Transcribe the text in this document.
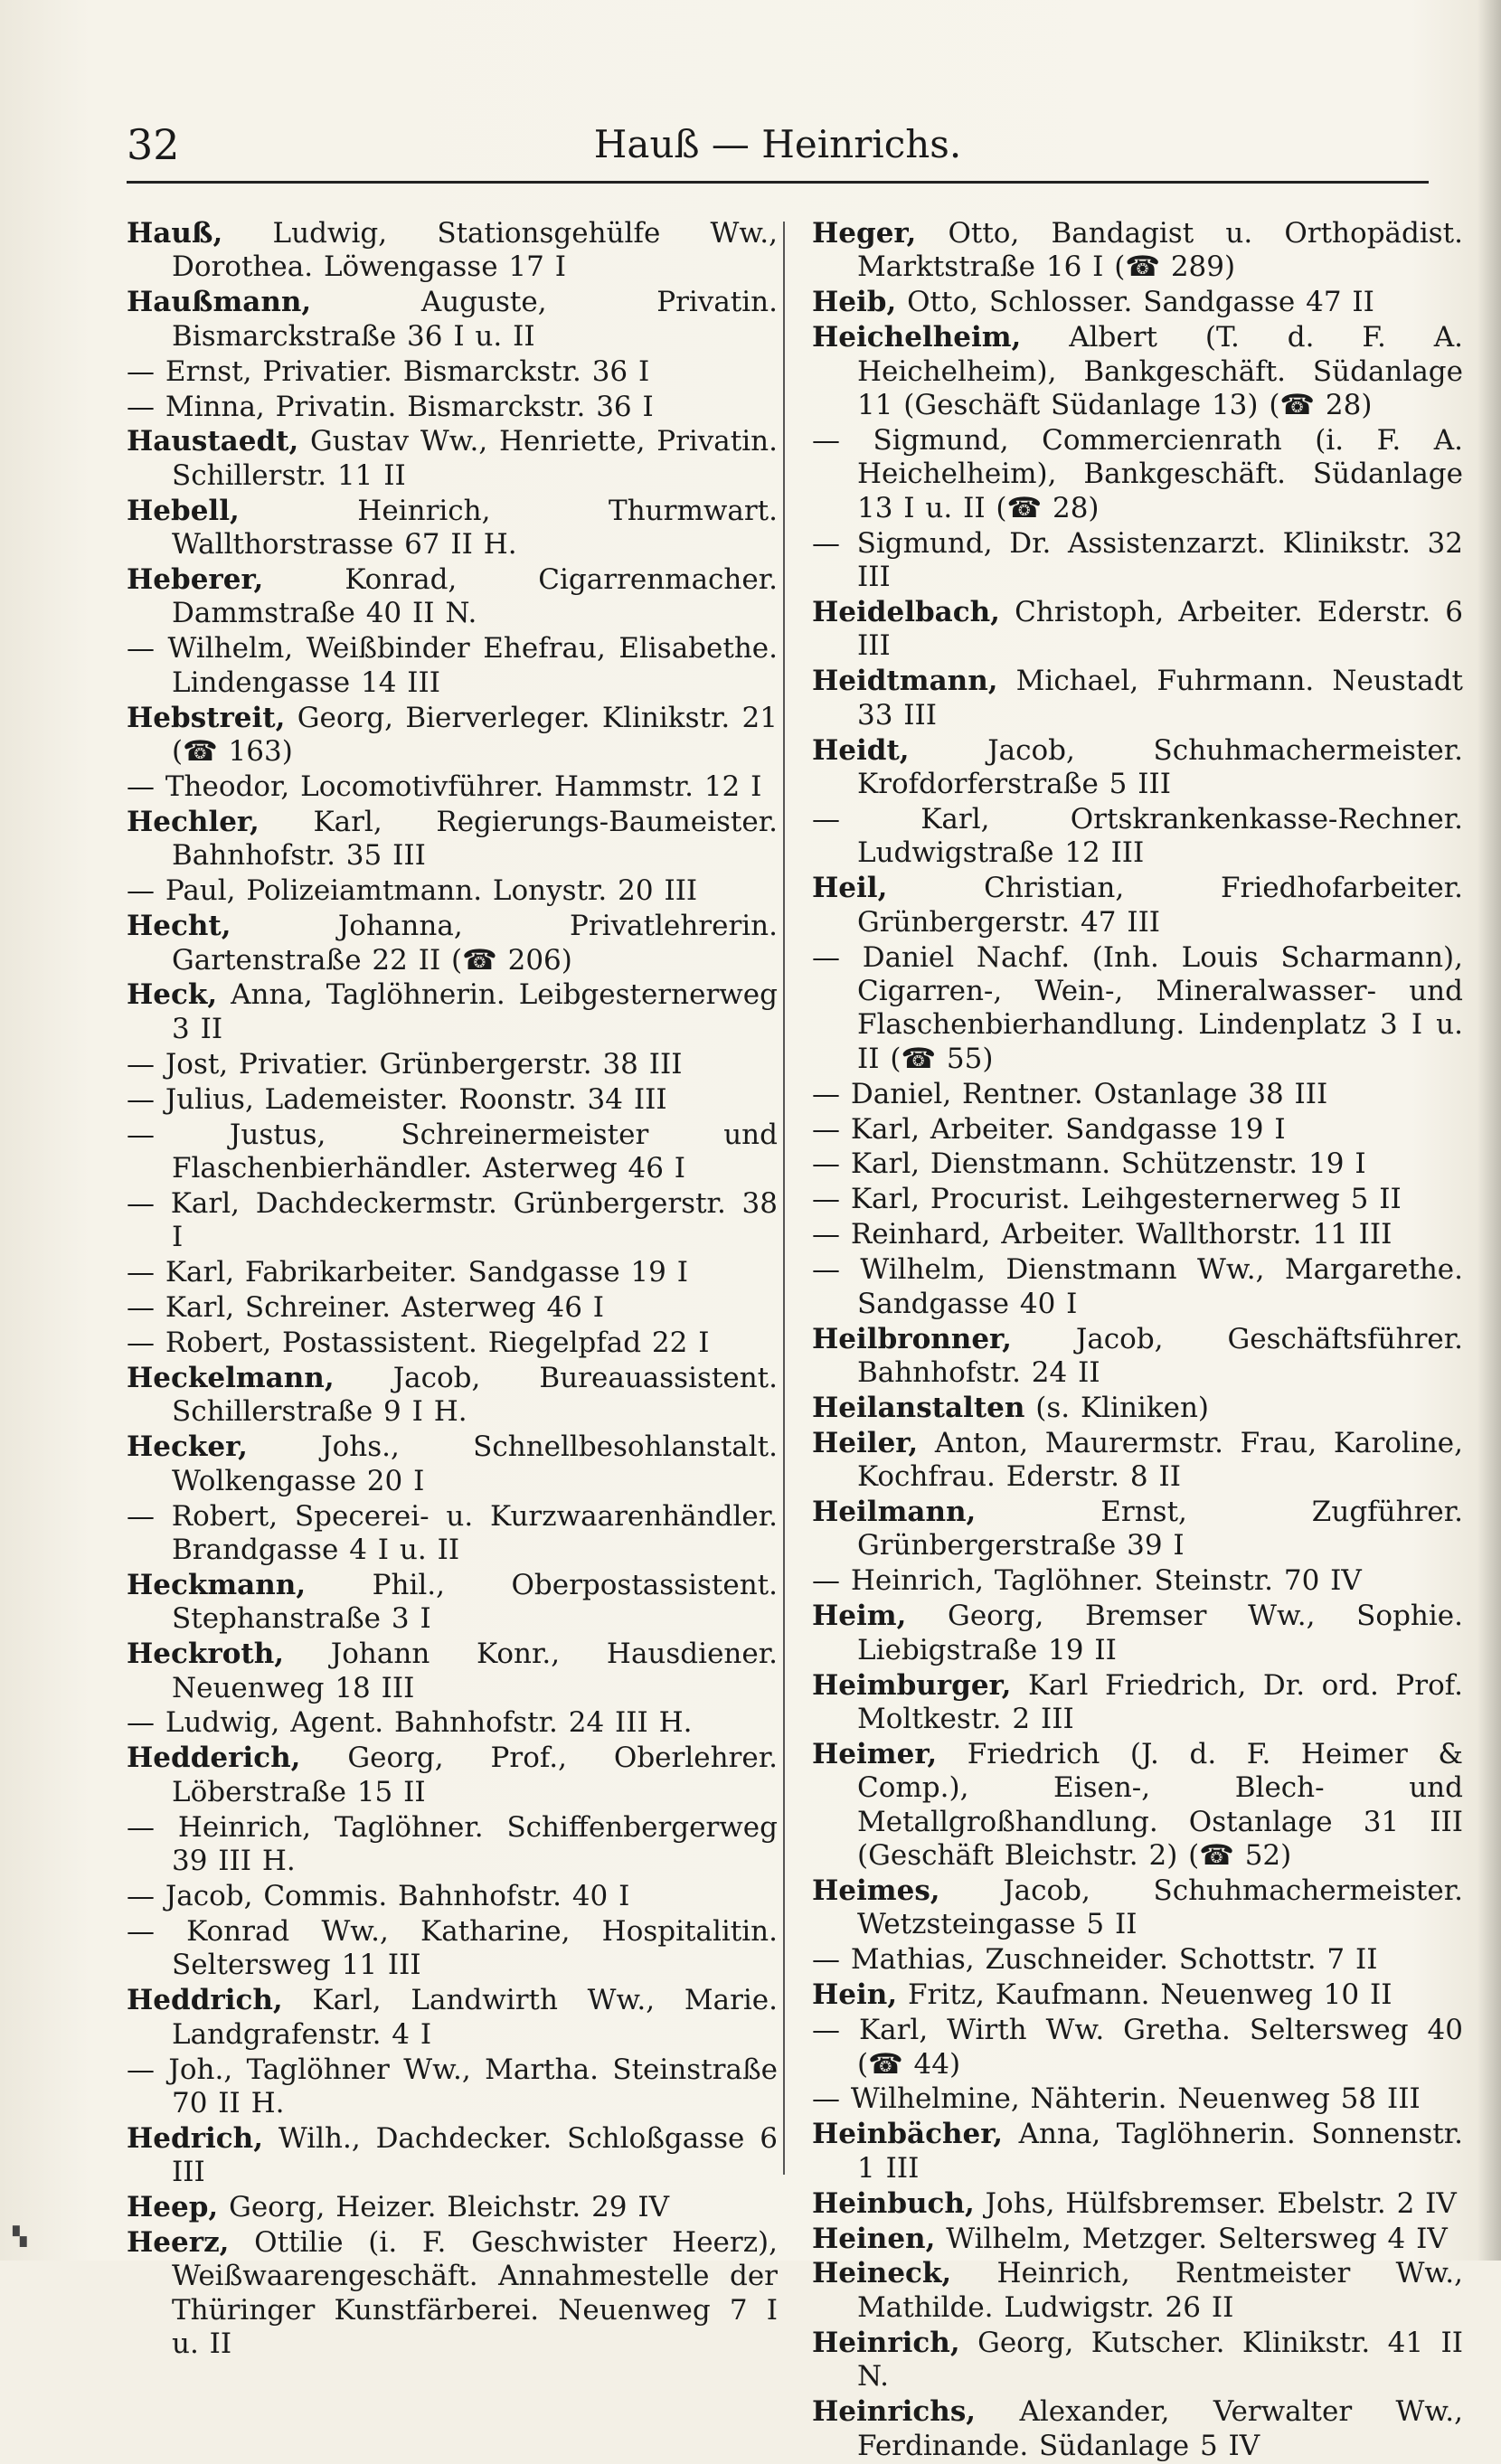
32	Hauß — Heinrichs.

Hauß, Ludwig, Stationsgehülfe Ww., Dorothea. Löwengasse 17 I

Haußmann, Auguste, Privatin. Bismarckstraße 36 I u. II

— Ernst, Privatier. Bismarckstr. 36 I

— Minna, Privatin. Bismarckstr. 36 I

Haustaedt, Gustav Ww., Henriette, Privatin. Schillerstr. 11 II

Hebell, Heinrich, Thurmwart. Wallthorstrasse 67 II H.

Heberer, Konrad, Cigarrenmacher. Dammstraße 40 II N.

— Wilhelm, Weißbinder Ehefrau, Elisabethe. Lindengasse 14 III

Hebstreit, Georg, Bierverleger. Klinikstr. 21 (☎ 163)

— Theodor, Locomotivführer. Hammstr. 12 I

Hechler, Karl, Regierungs-Baumeister. Bahnhofstr. 35 III

— Paul, Polizeiamtmann. Lonystr. 20 III

Hecht, Johanna, Privatlehrerin. Gartenstraße 22 II (☎ 206)

Heck, Anna, Taglöhnerin. Leibgesternerweg 3 II

— Jost, Privatier. Grünbergerstr. 38 III

— Julius, Lademeister. Roonstr. 34 III

— Justus, Schreinermeister und Flaschenbierhändler. Asterweg 46 I

— Karl, Dachdeckermstr. Grünbergerstr. 38 I

— Karl, Fabrikarbeiter. Sandgasse 19 I

— Karl, Schreiner. Asterweg 46 I

— Robert, Postassistent. Riegelpfad 22 I

Heckelmann, Jacob, Bureauassistent. Schillerstraße 9 I H.

Hecker, Johs., Schnellbesohlanstalt. Wolkengasse 20 I

— Robert, Specerei- u. Kurzwaarenhändler. Brandgasse 4 I u. II

Heckmann, Phil., Oberpostassistent. Stephanstraße 3 I

Heckroth, Johann Konr., Hausdiener. Neuenweg 18 III

— Ludwig, Agent. Bahnhofstr. 24 III H.

Hedderich, Georg, Prof., Oberlehrer. Löberstraße 15 II

— Heinrich, Taglöhner. Schiffenbergerweg 39 III H.

— Jacob, Commis. Bahnhofstr. 40 I

— Konrad Ww., Katharine, Hospitalitin. Seltersweg 11 III

Heddrich, Karl, Landwirth Ww., Marie. Landgrafenstr. 4 I

— Joh., Taglöhner Ww., Martha. Steinstraße 70 II H.

Hedrich, Wilh., Dachdecker. Schloßgasse 6 III

Heep, Georg, Heizer. Bleichstr. 29 IV

Heerz, Ottilie (i. F. Geschwister Heerz), Weißwaarengeschäft. Annahmestelle der Thüringer Kunstfärberei. Neuenweg 7 I u. II

Heger, Otto, Bandagist u. Orthopädist. Marktstraße 16 I (☎ 289)

Heib, Otto, Schlosser. Sandgasse 47 II

Heichelheim, Albert (T. d. F. A. Heichelheim), Bankgeschäft. Südanlage 11 (Geschäft Südanlage 13) (☎ 28)

— Sigmund, Commercienrath (i. F. A. Heichelheim), Bankgeschäft. Südanlage 13 I u. II (☎ 28)

— Sigmund, Dr. Assistenzarzt. Klinikstr. 32 III

Heidelbach, Christoph, Arbeiter. Ederstr. 6 III

Heidtmann, Michael, Fuhrmann. Neustadt 33 III

Heidt, Jacob, Schuhmachermeister. Krofdorferstraße 5 III

— Karl, Ortskrankenkasse-Rechner. Ludwigstraße 12 III

Heil, Christian, Friedhofarbeiter. Grünbergerstr. 47 III

— Daniel Nachf. (Inh. Louis Scharmann), Cigarren-, Wein-, Mineralwasser- und Flaschenbierhandlung. Lindenplatz 3 I u. II (☎ 55)

— Daniel, Rentner. Ostanlage 38 III

— Karl, Arbeiter. Sandgasse 19 I

— Karl, Dienstmann. Schützenstr. 19 I

— Karl, Procurist. Leihgesternerweg 5 II

— Reinhard, Arbeiter. Wallthorstr. 11 III

— Wilhelm, Dienstmann Ww., Margarethe. Sandgasse 40 I

Heilbronner, Jacob, Geschäftsführer. Bahnhofstr. 24 II

Heilanstalten (s. Kliniken)

Heiler, Anton, Maurermstr. Frau, Karoline, Kochfrau. Ederstr. 8 II

Heilmann, Ernst, Zugführer. Grünbergerstraße 39 I

— Heinrich, Taglöhner. Steinstr. 70 IV

Heim, Georg, Bremser Ww., Sophie. Liebigstraße 19 II

Heimburger, Karl Friedrich, Dr. ord. Prof. Moltkestr. 2 III

Heimer, Friedrich (J. d. F. Heimer & Comp.), Eisen-, Blech- und Metallgroßhandlung. Ostanlage 31 III (Geschäft Bleichstr. 2) (☎ 52)

Heimes, Jacob, Schuhmachermeister. Wetzsteingasse 5 II

— Mathias, Zuschneider. Schottstr. 7 II

Hein, Fritz, Kaufmann. Neuenweg 10 II

— Karl, Wirth Ww. Gretha. Seltersweg 40 (☎ 44)

— Wilhelmine, Nähterin. Neuenweg 58 III

Heinbächer, Anna, Taglöhnerin. Sonnenstr. 1 III

Heinbuch, Johs, Hülfsbremser. Ebelstr. 2 IV

Heinen, Wilhelm, Metzger. Seltersweg 4 IV

Heineck, Heinrich, Rentmeister Ww., Mathilde. Ludwigstr. 26 II

Heinrich, Georg, Kutscher. Klinikstr. 41 II N.

Heinrichs, Alexander, Verwalter Ww., Ferdinande. Südanlage 5 IV

▚
